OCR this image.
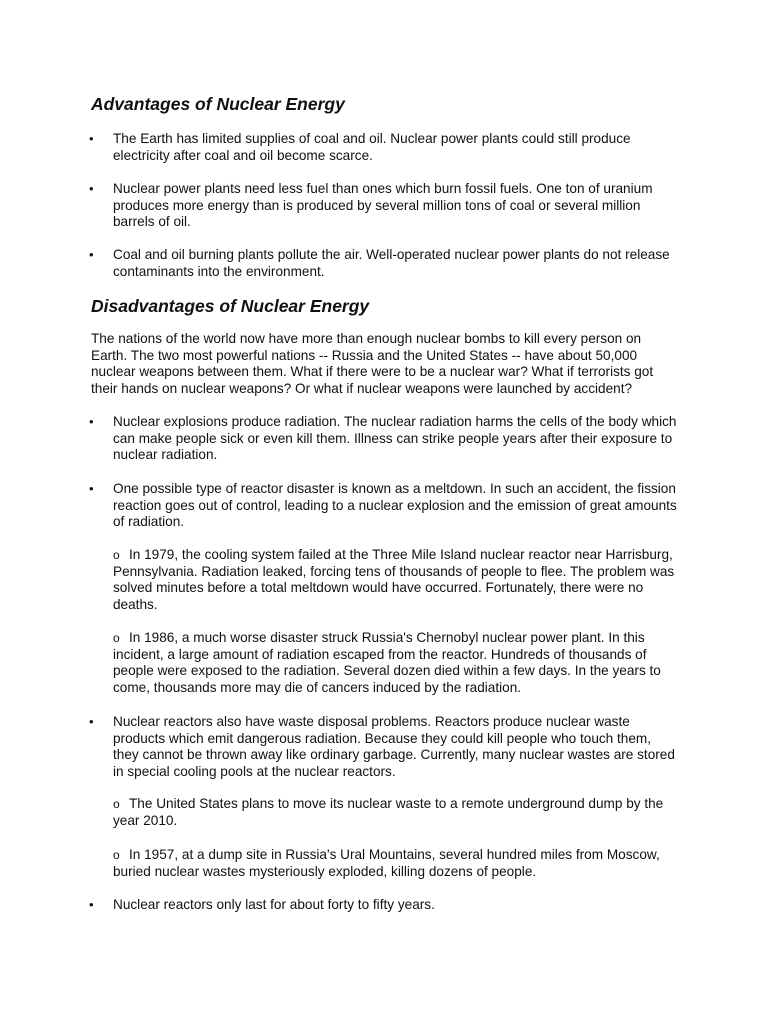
Advantages of Nuclear Energy
•	The Earth has limited supplies of coal and oil. Nuclear power plants could still produce electricity after coal and oil become scarce.
•	Nuclear power plants need less fuel than ones which burn fossil fuels. One ton of uranium produces more energy than is produced by several million tons of coal or several million barrels of oil.
•	Coal and oil burning plants pollute the air. Well-operated nuclear power plants do not release contaminants into the environment.
Disadvantages of Nuclear Energy

The nations of the world now have more than enough nuclear bombs to kill every person on Earth. The two most powerful nations -- Russia and the United States -- have about 50,000 nuclear weapons between them. What if there were to be a nuclear war? What if terrorists got their hands on nuclear weapons? Or what if nuclear weapons were launched by accident?

•	Nuclear explosions produce radiation. The nuclear radiation harms the cells of the body which can make people sick or even kill them. Illness can strike people years after their exposure to nuclear radiation.
•	One possible type of reactor disaster is known as a meltdown. In such an accident, the fission reaction goes out of control, leading to a nuclear explosion and the emission of great amounts of radiation.

o In 1979, the cooling system failed at the Three Mile Island nuclear reactor near Harrisburg, Pennsylvania. Radiation leaked, forcing tens of thousands of people to flee. The problem was solved minutes before a total meltdown would have occurred. Fortunately, there were no deaths.

o In 1986, a much worse disaster struck Russia's Chernobyl nuclear power plant. In this incident, a large amount of radiation escaped from the reactor. Hundreds of thousands of people were exposed to the radiation. Several dozen died within a few days. In the years to come, thousands more may die of cancers induced by the radiation.

•	Nuclear reactors also have waste disposal problems. Reactors produce nuclear waste products which emit dangerous radiation. Because they could kill people who touch them, they cannot be thrown away like ordinary garbage. Currently, many nuclear wastes are stored in special cooling pools at the nuclear reactors.

o The United States plans to move its nuclear waste to a remote underground dump by the year 2010.

o In 1957, at a dump site in Russia's Ural Mountains, several hundred miles from Moscow, buried nuclear wastes mysteriously exploded, killing dozens of people.

•	Nuclear reactors only last for about forty to fifty years.
